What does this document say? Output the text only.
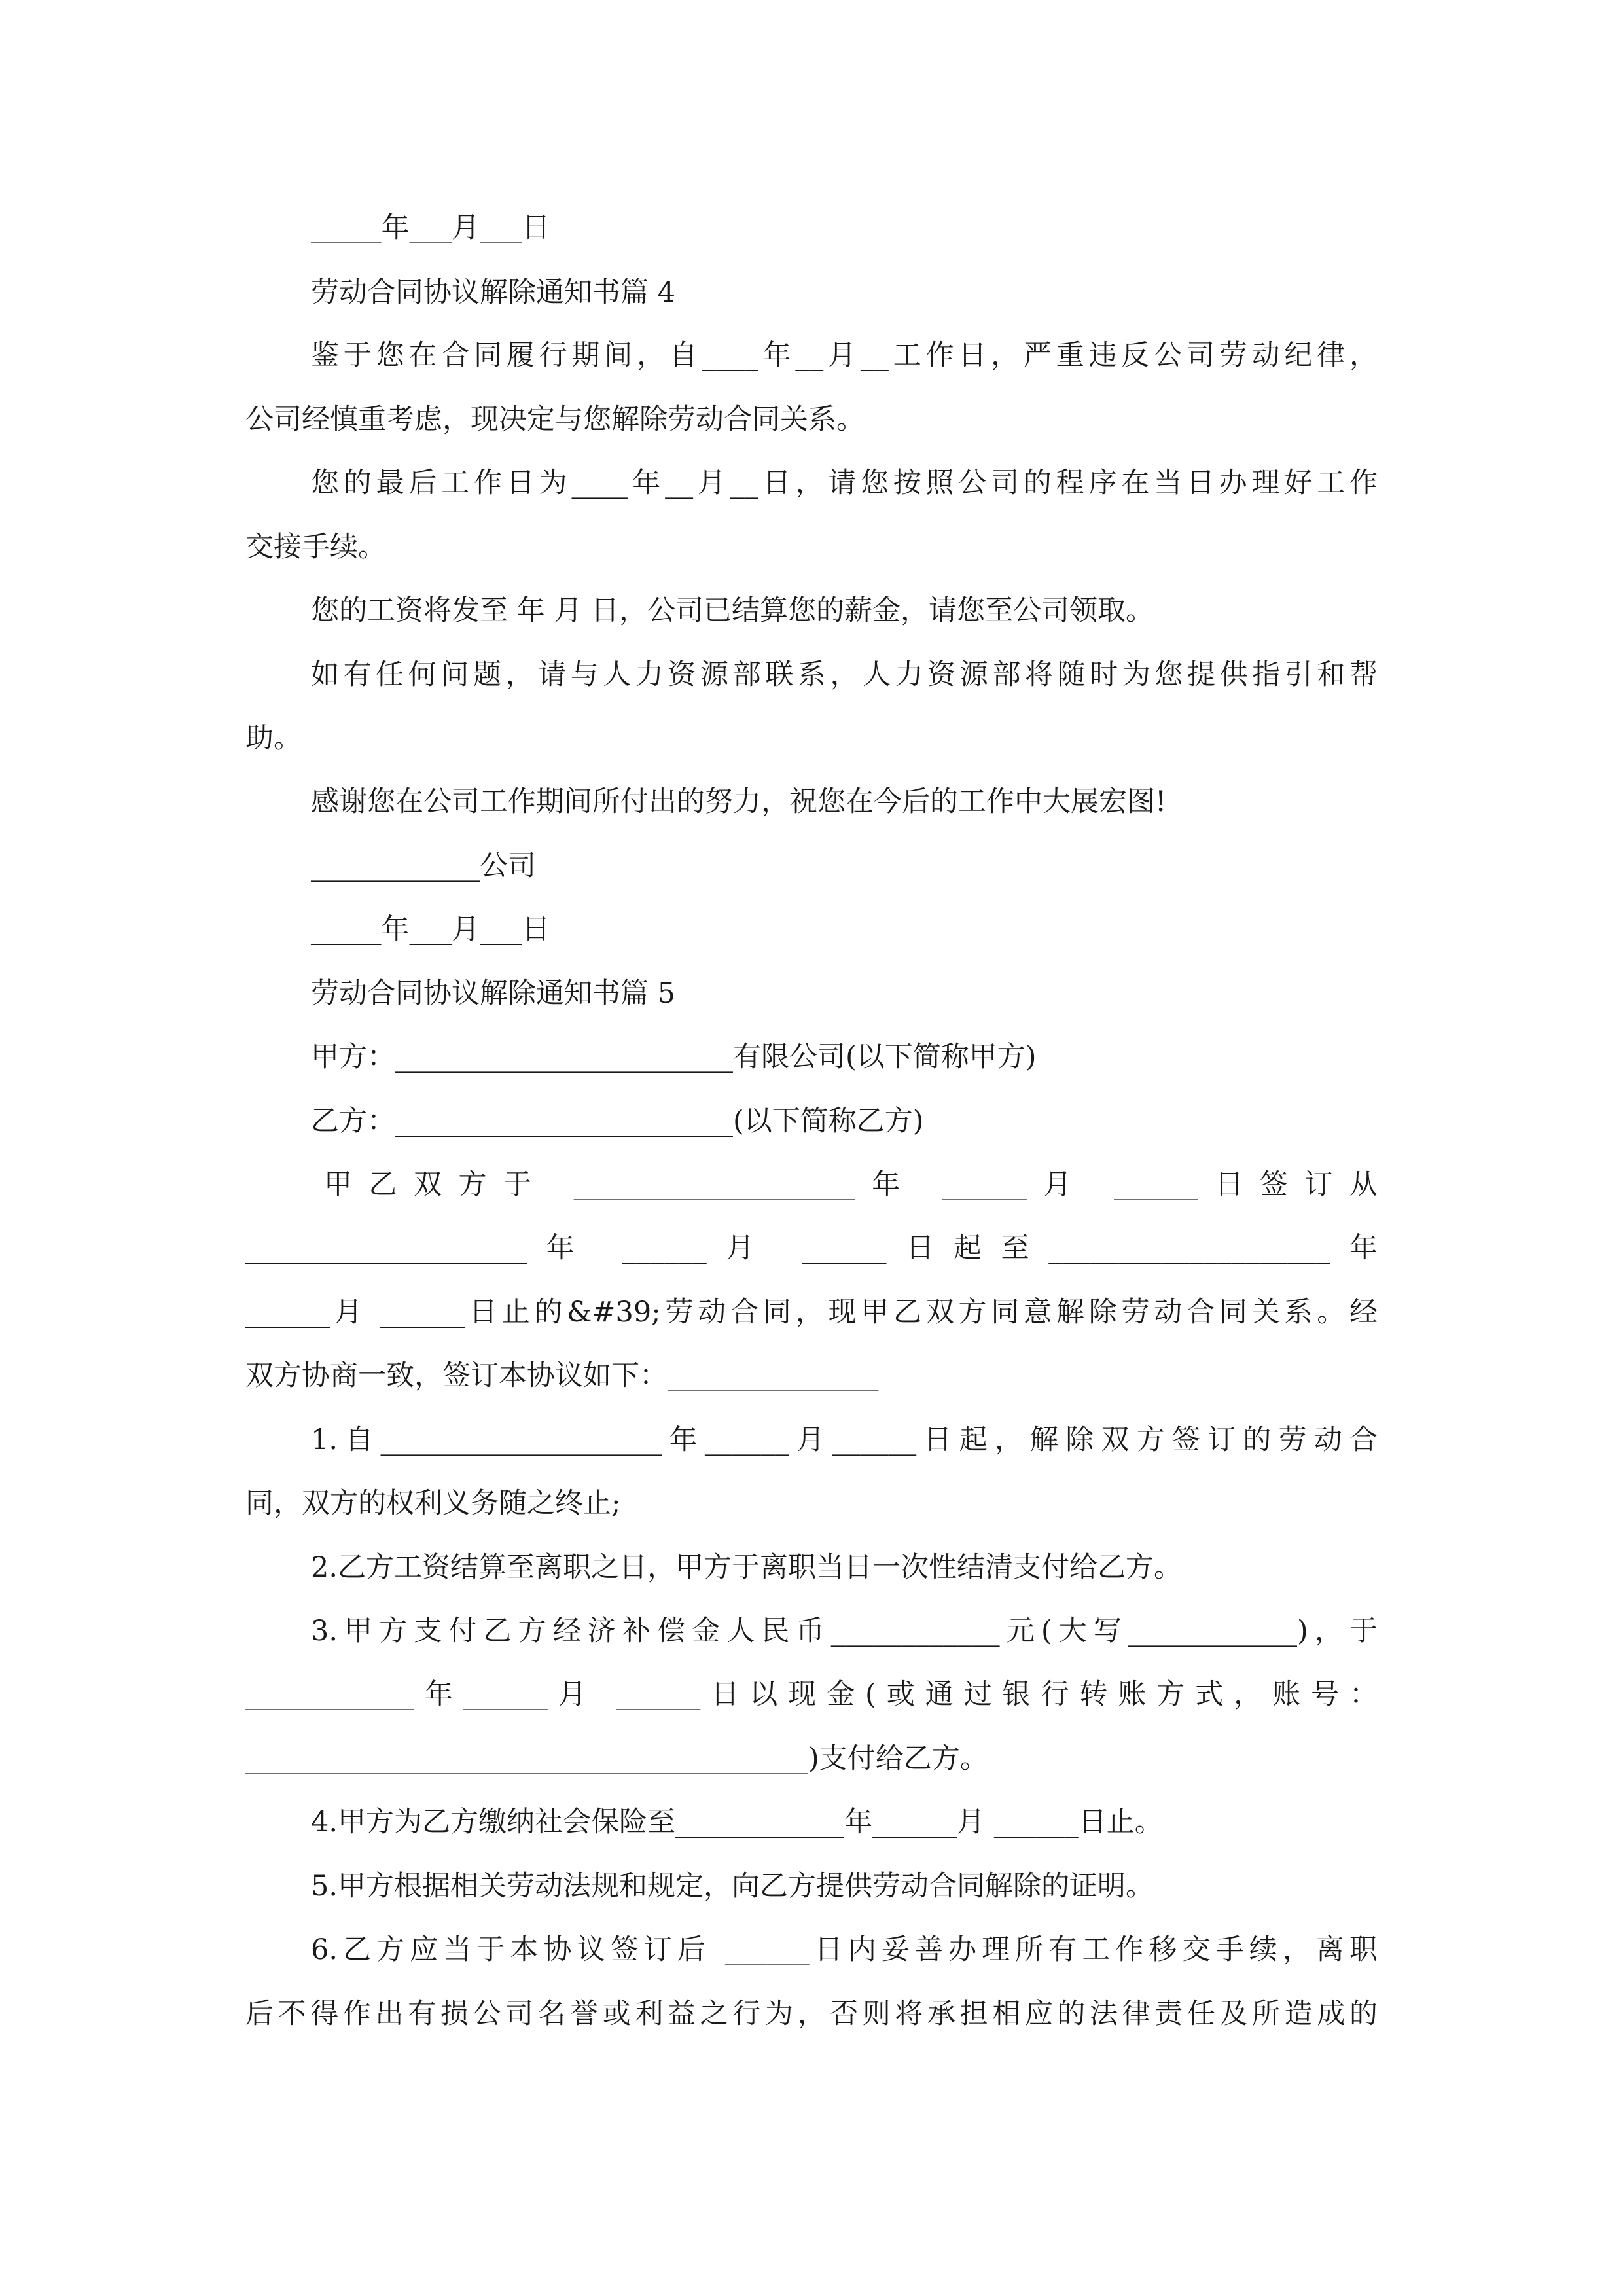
_____年___月___日
劳动合同协议解除通知书篇 4
鉴于您在合同履行期间，自____年__月__工作日，严重违反公司劳动纪律，
公司经慎重考虑，现决定与您解除劳动合同关系。
您的最后工作日为____年__月__日，请您按照公司的程序在当日办理好工作
交接手续。
您的工资将发至 年 月 日，公司已结算您的薪金，请您至公司领取。
如有任何问题，请与人力资源部联系，人力资源部将随时为您提供指引和帮
助。
感谢您在公司工作期间所付出的努力，祝您在今后的工作中大展宏图!
____________公司
_____年___月___日
劳动合同协议解除通知书篇 5
甲方：________________________有限公司(以下简称甲方)
乙方：________________________(以下简称乙方)
甲乙双方于 ____________________年 ______月 ______日签订从
____________________年 ______月 ______日起至____________________年
______月 ______日止的&#39;劳动合同，现甲乙双方同意解除劳动合同关系。经
双方协商一致，签订本协议如下：_______________
1.自____________________年______月______日起，解除双方签订的劳动合
同，双方的权利义务随之终止;
2.乙方工资结算至离职之日，甲方于离职当日一次性结清支付给乙方。
3.甲方支付乙方经济补偿金人民币____________元(大写____________)，于
____________年______月 ______日以现金(或通过银行转账方式，账号：
________________________________________)支付给乙方。
4.甲方为乙方缴纳社会保险至____________年______月 ______日止。
5.甲方根据相关劳动法规和规定，向乙方提供劳动合同解除的证明。
6.乙方应当于本协议签订后 ______日内妥善办理所有工作移交手续，离职
后不得作出有损公司名誉或利益之行为，否则将承担相应的法律责任及所造成的
